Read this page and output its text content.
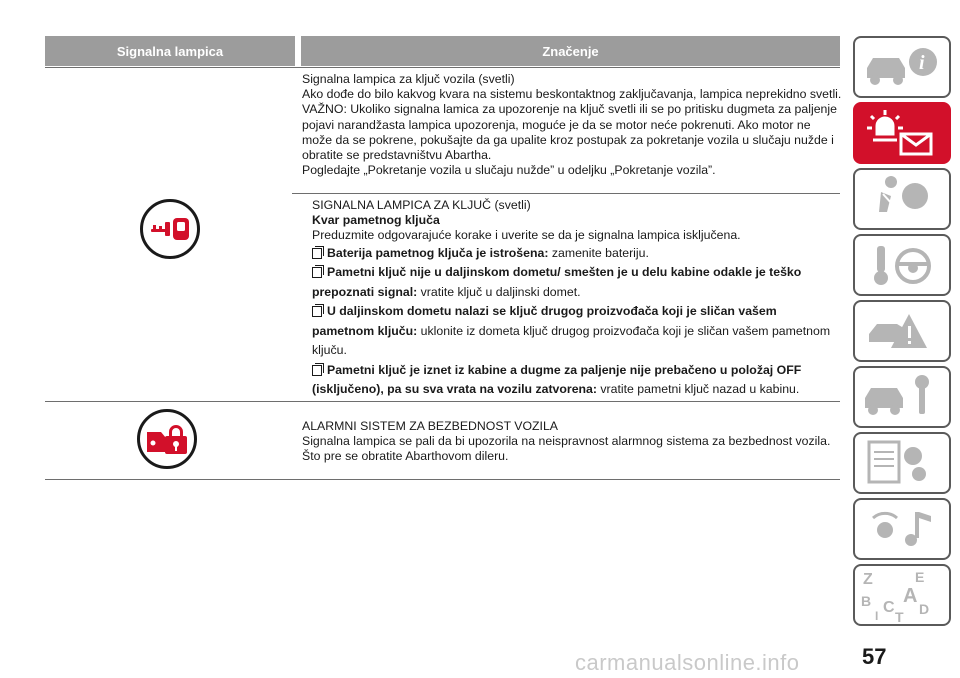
Signalna lampica	Značenje

Signalna lampica za ključ vozila (svetli)

Ako dođe do bilo kakvog kvara na sistemu beskontaktnog zaključavanja, lampica neprekidno svetli.

VAŽNO: Ukoliko signalna lamica za upozorenje na ključ svetli ili se po pritisku dugmeta za paljenje pojavi narandžasta lampica upozorenja, moguće je da se motor neće pokrenuti. Ako motor ne može da se pokrene, pokušajte da ga upalite kroz postupak za pokretanje vozila u slučaju nužde i obratite se predstavništvu Abartha.

Pogledajte „Pokretanje vozila u slučaju nužde” u odeljku „Pokretanje vozila”.

SIGNALNA LAMPICA ZA KLJUČ (svetli)

Kvar pametnog ključa

Preduzmite odgovarajuće korake i uverite se da je signalna lampica isključena.

Baterija pametnog ključa je istrošena: zamenite bateriju.

Pametni ključ nije u daljinskom dometu/ smešten je u delu kabine odakle je teško prepoznati signal: vratite ključ u daljinski domet.

U daljinskom dometu nalazi se ključ drugog proizvođača koji je sličan vašem pametnom ključu: uklonite iz dometa ključ drugog proizvođača koji je sličan vašem pametnom ključu.

Pametni ključ je iznet iz kabine a dugme za paljenje nije prebačeno u položaj OFF (isključeno), pa su sva vrata na vozilu zatvorena: vratite pametni ključ nazad u kabinu.

ALARMNI SISTEM ZA BEZBEDNOST VOZILA

Signalna lampica se pali da bi upozorila na neispravnost alarmnog sistema za bezbednost vozila.

Što pre se obratite Abarthovom dileru.

i
Z	E
A
B C D
T
I
57
carmanualsonline.info
